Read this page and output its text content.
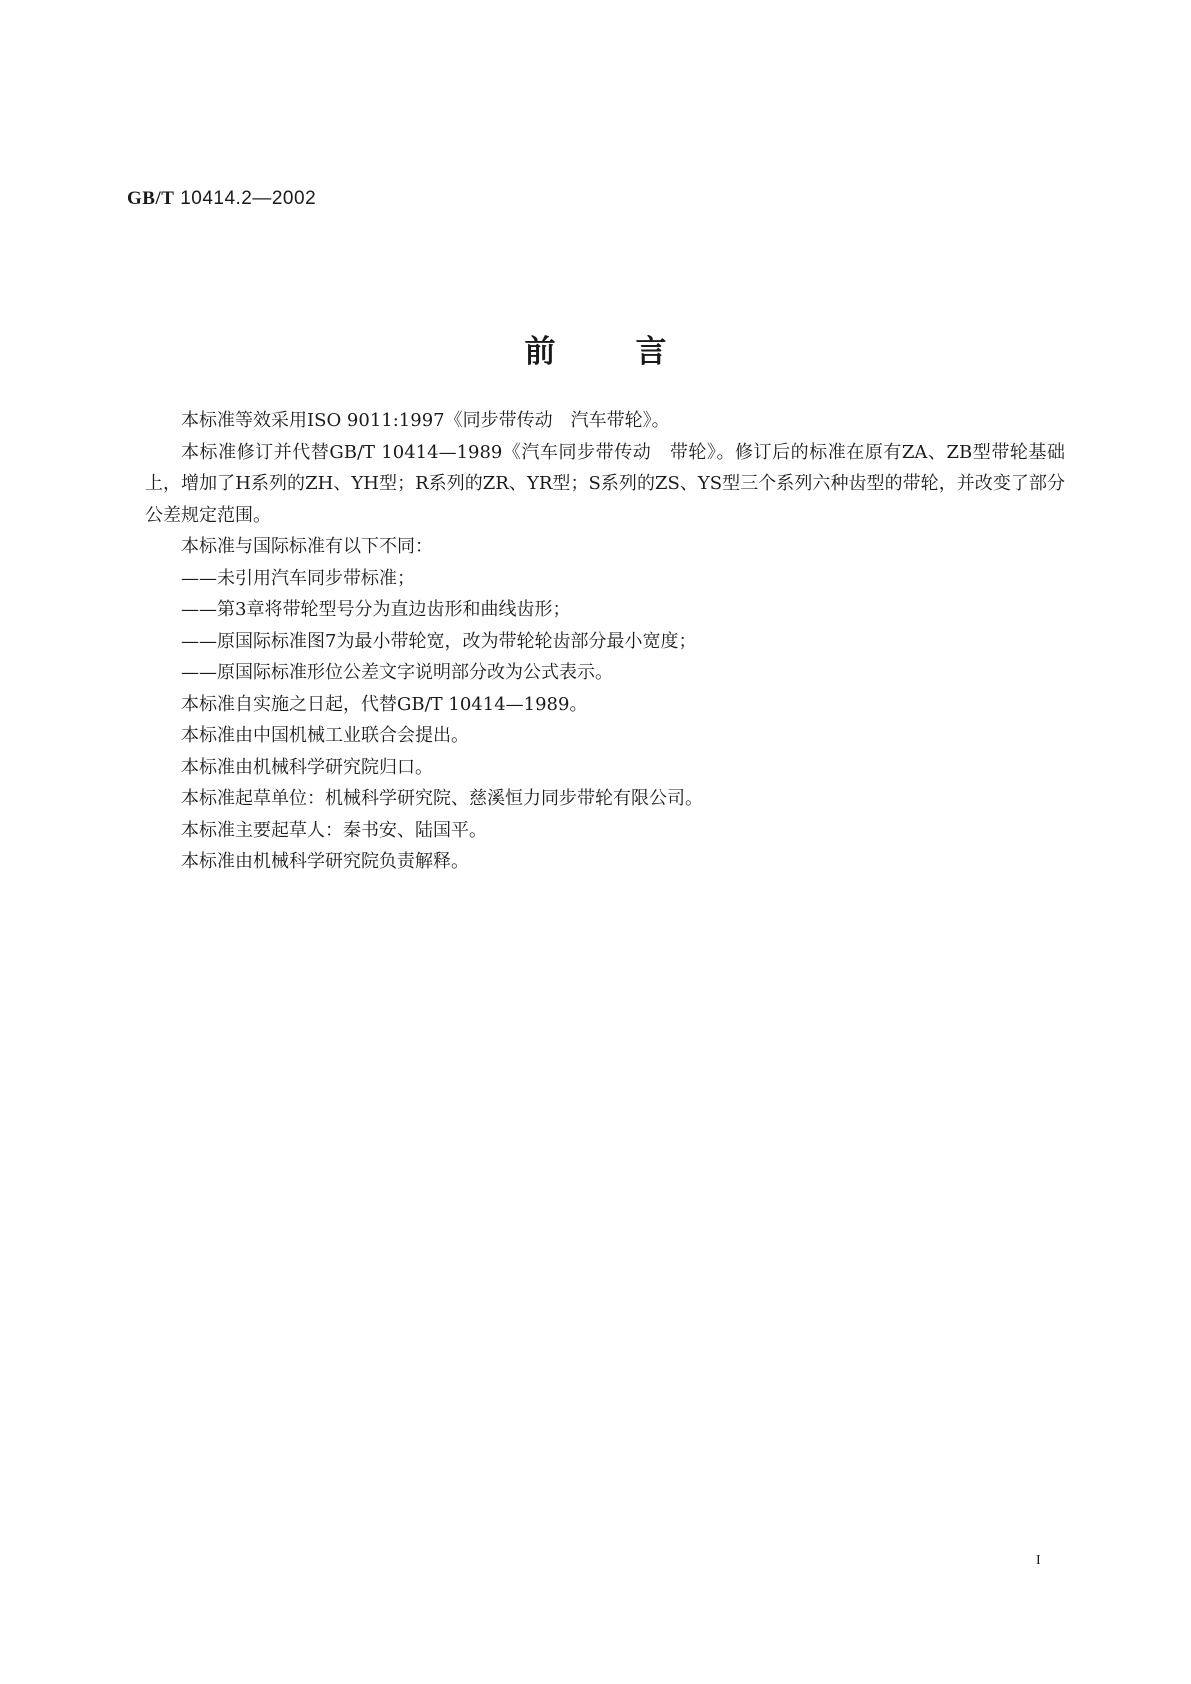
GB/T 10414.2—2002
前言

本标准等效采用ISO 9011:1997《同步带传动　汽车带轮》。

本标准修订并代替GB/T 10414—1989《汽车同步带传动　带轮》。修订后的标准在原有ZA、ZB型带轮基础上，增加了H系列的ZH、YH型；R系列的ZR、YR型；S系列的ZS、YS型三个系列六种齿型的带轮，并改变了部分公差规定范围。

本标准与国际标准有以下不同：

——未引用汽车同步带标准；

——第3章将带轮型号分为直边齿形和曲线齿形；

——原国际标准图7为最小带轮宽，改为带轮轮齿部分最小宽度；

——原国际标准形位公差文字说明部分改为公式表示。

本标准自实施之日起，代替GB/T 10414—1989。

本标准由中国机械工业联合会提出。

本标准由机械科学研究院归口。

本标准起草单位：机械科学研究院、慈溪恒力同步带轮有限公司。

本标准主要起草人：秦书安、陆国平。

本标准由机械科学研究院负责解释。

I
